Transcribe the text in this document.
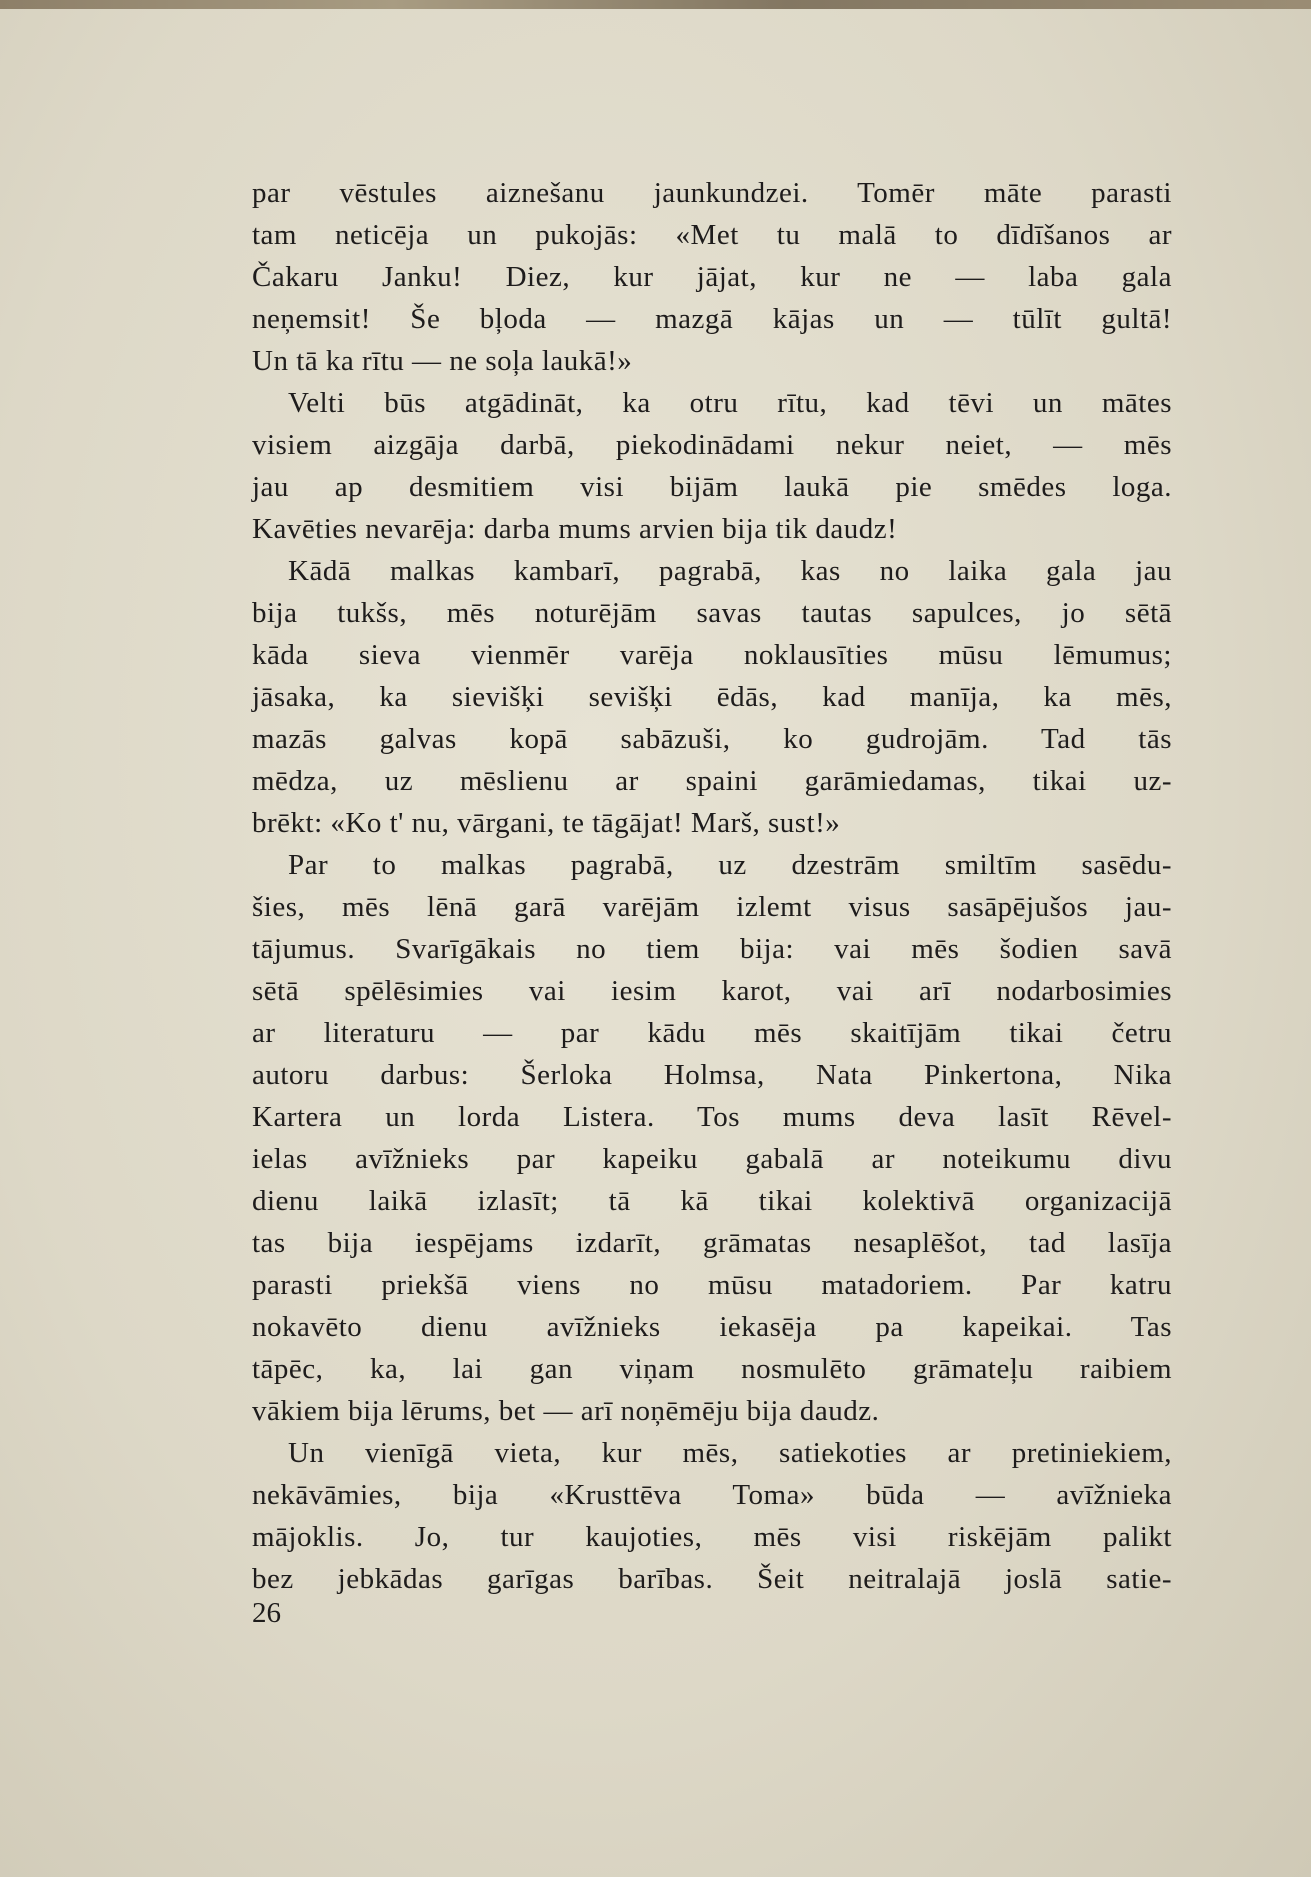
par vēstules aiznešanu jaunkundzei. Tomēr māte parasti
tam neticēja un pukojās: «Met tu malā to dīdīšanos ar
Čakaru Janku! Diez, kur jājat, kur ne — laba gala
neņemsit! Še bļoda — mazgā kājas un — tūlīt gultā!
Un tā ka rītu — ne soļa laukā!»
Velti būs atgādināt, ka otru rītu, kad tēvi un mātes
visiem aizgāja darbā, piekodinādami nekur neiet, — mēs
jau ap desmitiem visi bijām laukā pie smēdes loga.
Kavēties nevarēja: darba mums arvien bija tik daudz!
Kādā malkas kambarī, pagrabā, kas no laika gala jau
bija tukšs, mēs noturējām savas tautas sapulces, jo sētā
kāda sieva vienmēr varēja noklausīties mūsu lēmumus;
jāsaka, ka sievišķi sevišķi ēdās, kad manīja, ka mēs,
mazās galvas kopā sabāzuši, ko gudrojām. Tad tās
mēdza, uz mēslienu ar spaini garāmiedamas, tikai uz-
brēkt: «Ko t' nu, vārgani, te tāgājat! Marš, sust!»
Par to malkas pagrabā, uz dzestrām smiltīm sasēdu-
šies, mēs lēnā garā varējām izlemt visus sasāpējušos jau-
tājumus. Svarīgākais no tiem bija: vai mēs šodien savā
sētā spēlēsimies vai iesim karot, vai arī nodarbosimies
ar literaturu — par kādu mēs skaitījām tikai četru
autoru darbus: Šerloka Holmsa, Nata Pinkertona, Nika
Kartera un lorda Listera. Tos mums deva lasīt Rēvel-
ielas avīžnieks par kapeiku gabalā ar noteikumu divu
dienu laikā izlasīt; tā kā tikai kolektivā organizacijā
tas bija iespējams izdarīt, grāmatas nesaplēšot, tad lasīja
parasti priekšā viens no mūsu matadoriem. Par katru
nokavēto dienu avīžnieks iekasēja pa kapeikai. Tas
tāpēc, ka, lai gan viņam nosmulēto grāmateļu raibiem
vākiem bija lērums, bet — arī noņēmēju bija daudz.
Un vienīgā vieta, kur mēs, satiekoties ar pretiniekiem,
nekāvāmies, bija «Krusttēva Toma» būda — avīžnieka
mājoklis. Jo, tur kaujoties, mēs visi riskējām palikt
bez jebkādas garīgas barības. Šeit neitralajā joslā satie-
26
